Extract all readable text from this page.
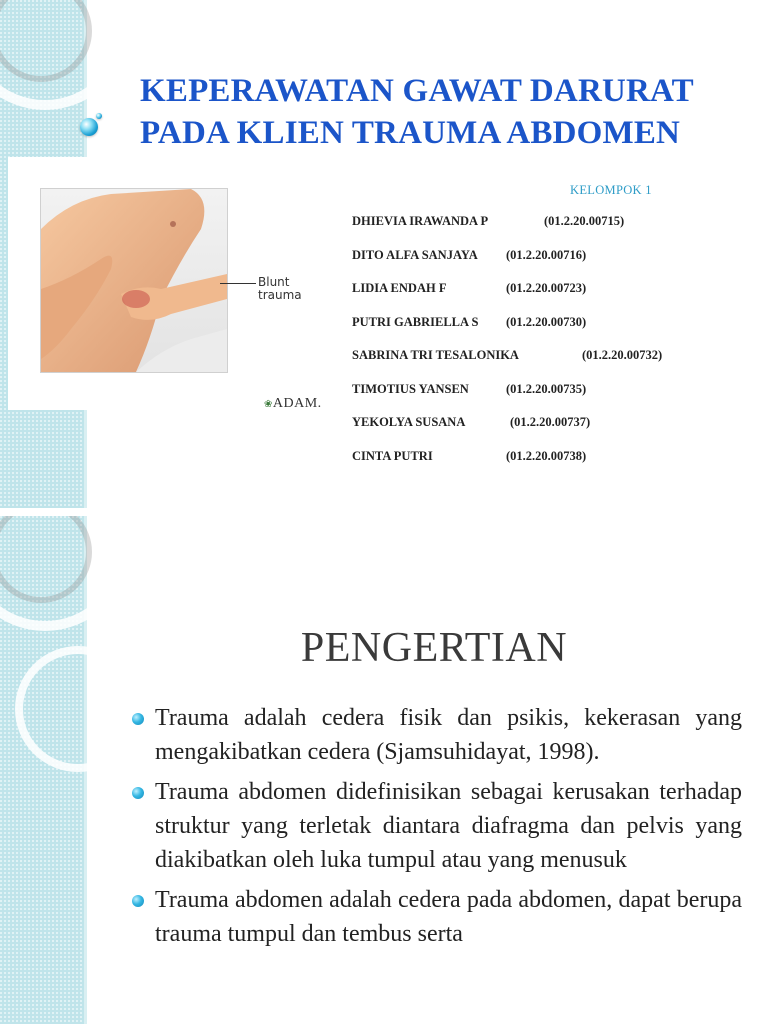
KEPERAWATAN GAWAT DARURAT
PADA KLIEN TRAUMA ABDOMEN
Blunt
trauma
❀ADAM.
KELOMPOK 1
DHIEVIA IRAWANDA P	(01.2.20.00715)
DITO ALFA SANJAYA (01.2.20.00716)
LIDIA ENDAH F	(01.2.20.00723)
PUTRI GABRIELLA S (01.2.20.00730)
SABRINA TRI TESALONIKA	(01.2.20.00732)
TIMOTIUS YANSEN	(01.2.20.00735)
YEKOLYA SUSANA	(01.2.20.00737)
CINTA PUTRI	(01.2.20.00738)
PENGERTIAN
Trauma adalah cedera fisik dan psikis, kekerasan yang mengakibatkan cedera (Sjamsuhidayat, 1998).
Trauma abdomen didefinisikan sebagai kerusakan terhadap struktur yang terletak diantara diafragma dan pelvis yang diakibatkan oleh luka tumpul atau yang menusuk
Trauma abdomen adalah cedera pada abdomen, dapat berupa trauma tumpul dan tembus serta
